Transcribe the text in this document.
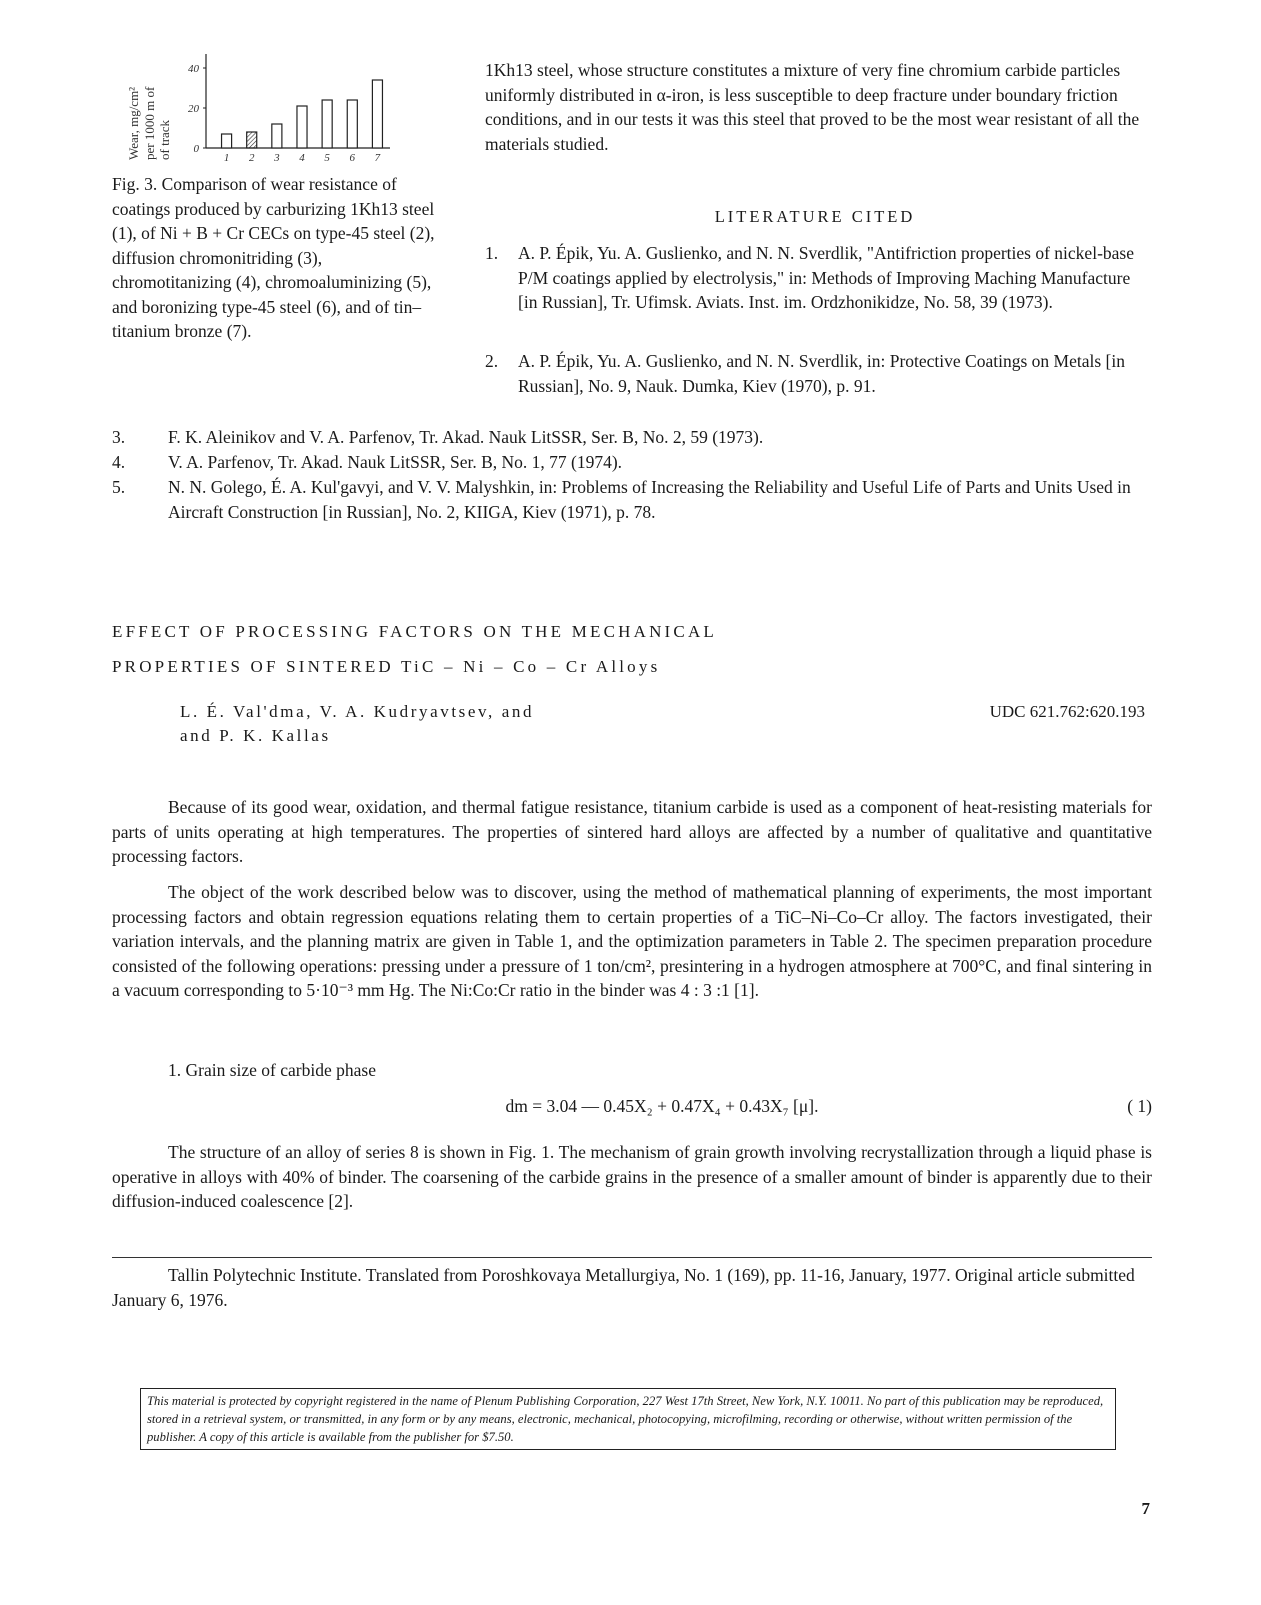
Wear, mg/cm² per 1000 m of of track 0
20
40
1 2 3 4 5 6 7

Fig. 3. Comparison of wear resistance of coatings produced by carburizing 1Kh13 steel (1), of Ni + B + Cr CECs on type-45 steel (2), diffusion chromonitriding (3), chromotitanizing (4), chromoaluminizing (5), and boronizing type-45 steel (6), and of tin–titanium bronze (7).

1Kh13 steel, whose structure constitutes a mixture of very fine chromium carbide particles uniformly distributed in α-iron, is less susceptible to deep fracture under boundary friction conditions, and in our tests it was this steel that proved to be the most wear resistant of all the materials studied.
LITERATURE CITED
1.	A. P. Épik, Yu. A. Guslienko, and N. N. Sverdlik, "Antifriction properties of nickel-base P/M coatings applied by electrolysis," in: Methods of Improving Maching Manufacture [in Russian], Tr. Ufimsk. Aviats. Inst. im. Ordzhonikidze, No. 58, 39 (1973).
2.	A. P. Épik, Yu. A. Guslienko, and N. N. Sverdlik, in: Protective Coatings on Metals [in Russian], No. 9, Nauk. Dumka, Kiev (1970), p. 91.
3.	F. K. Aleinikov and V. A. Parfenov, Tr. Akad. Nauk LitSSR, Ser. B, No. 2, 59 (1973).
4.	V. A. Parfenov, Tr. Akad. Nauk LitSSR, Ser. B, No. 1, 77 (1974).
5.	N. N. Golego, É. A. Kul'gavyi, and V. V. Malyshkin, in: Problems of Increasing the Reliability and Useful Life of Parts and Units Used in Aircraft Construction [in Russian], No. 2, KIIGA, Kiev (1971), p. 78.
EFFECT OF PROCESSING FACTORS ON THE MECHANICAL
PROPERTIES OF SINTERED TiC – Ni – Co – Cr Alloys
L. É. Val'dma, V. A. Kudryavtsev, and
and P. K. Kallas
UDC 621.762:620.193

Because of its good wear, oxidation, and thermal fatigue resistance, titanium carbide is used as a component of heat-resisting materials for parts of units operating at high temperatures. The properties of sintered hard alloys are affected by a number of qualitative and quantitative processing factors.

The object of the work described below was to discover, using the method of mathematical planning of experiments, the most important processing factors and obtain regression equations relating them to certain properties of a TiC–Ni–Co–Cr alloy. The factors investigated, their variation intervals, and the planning matrix are given in Table 1, and the optimization parameters in Table 2. The specimen preparation procedure consisted of the following operations: pressing under a pressure of 1 ton/cm², presintering in a hydrogen atmosphere at 700°C, and final sintering in a vacuum corresponding to 5·10⁻³ mm Hg. The Ni:Co:Cr ratio in the binder was 4 : 3 :1 [1].

1. Grain size of carbide phase

dm = 3.04 — 0.45X₂ + 0.47X₄ + 0.43X₇ [μ].	( 1)

The structure of an alloy of series 8 is shown in Fig. 1. The mechanism of grain growth involving recrystallization through a liquid phase is operative in alloys with 40% of binder. The coarsening of the carbide grains in the presence of a smaller amount of binder is apparently due to their diffusion-induced coalescence [2].

Tallin Polytechnic Institute. Translated from Poroshkovaya Metallurgiya, No. 1 (169), pp. 11-16, January, 1977. Original article submitted January 6, 1976.

This material is protected by copyright registered in the name of Plenum Publishing Corporation, 227 West 17th Street, New York, N.Y. 10011. No part of this publication may be reproduced, stored in a retrieval system, or transmitted, in any form or by any means, electronic, mechanical, photocopying, microfilming, recording or otherwise, without written permission of the publisher. A copy of this article is available from the publisher for $7.50.
7
